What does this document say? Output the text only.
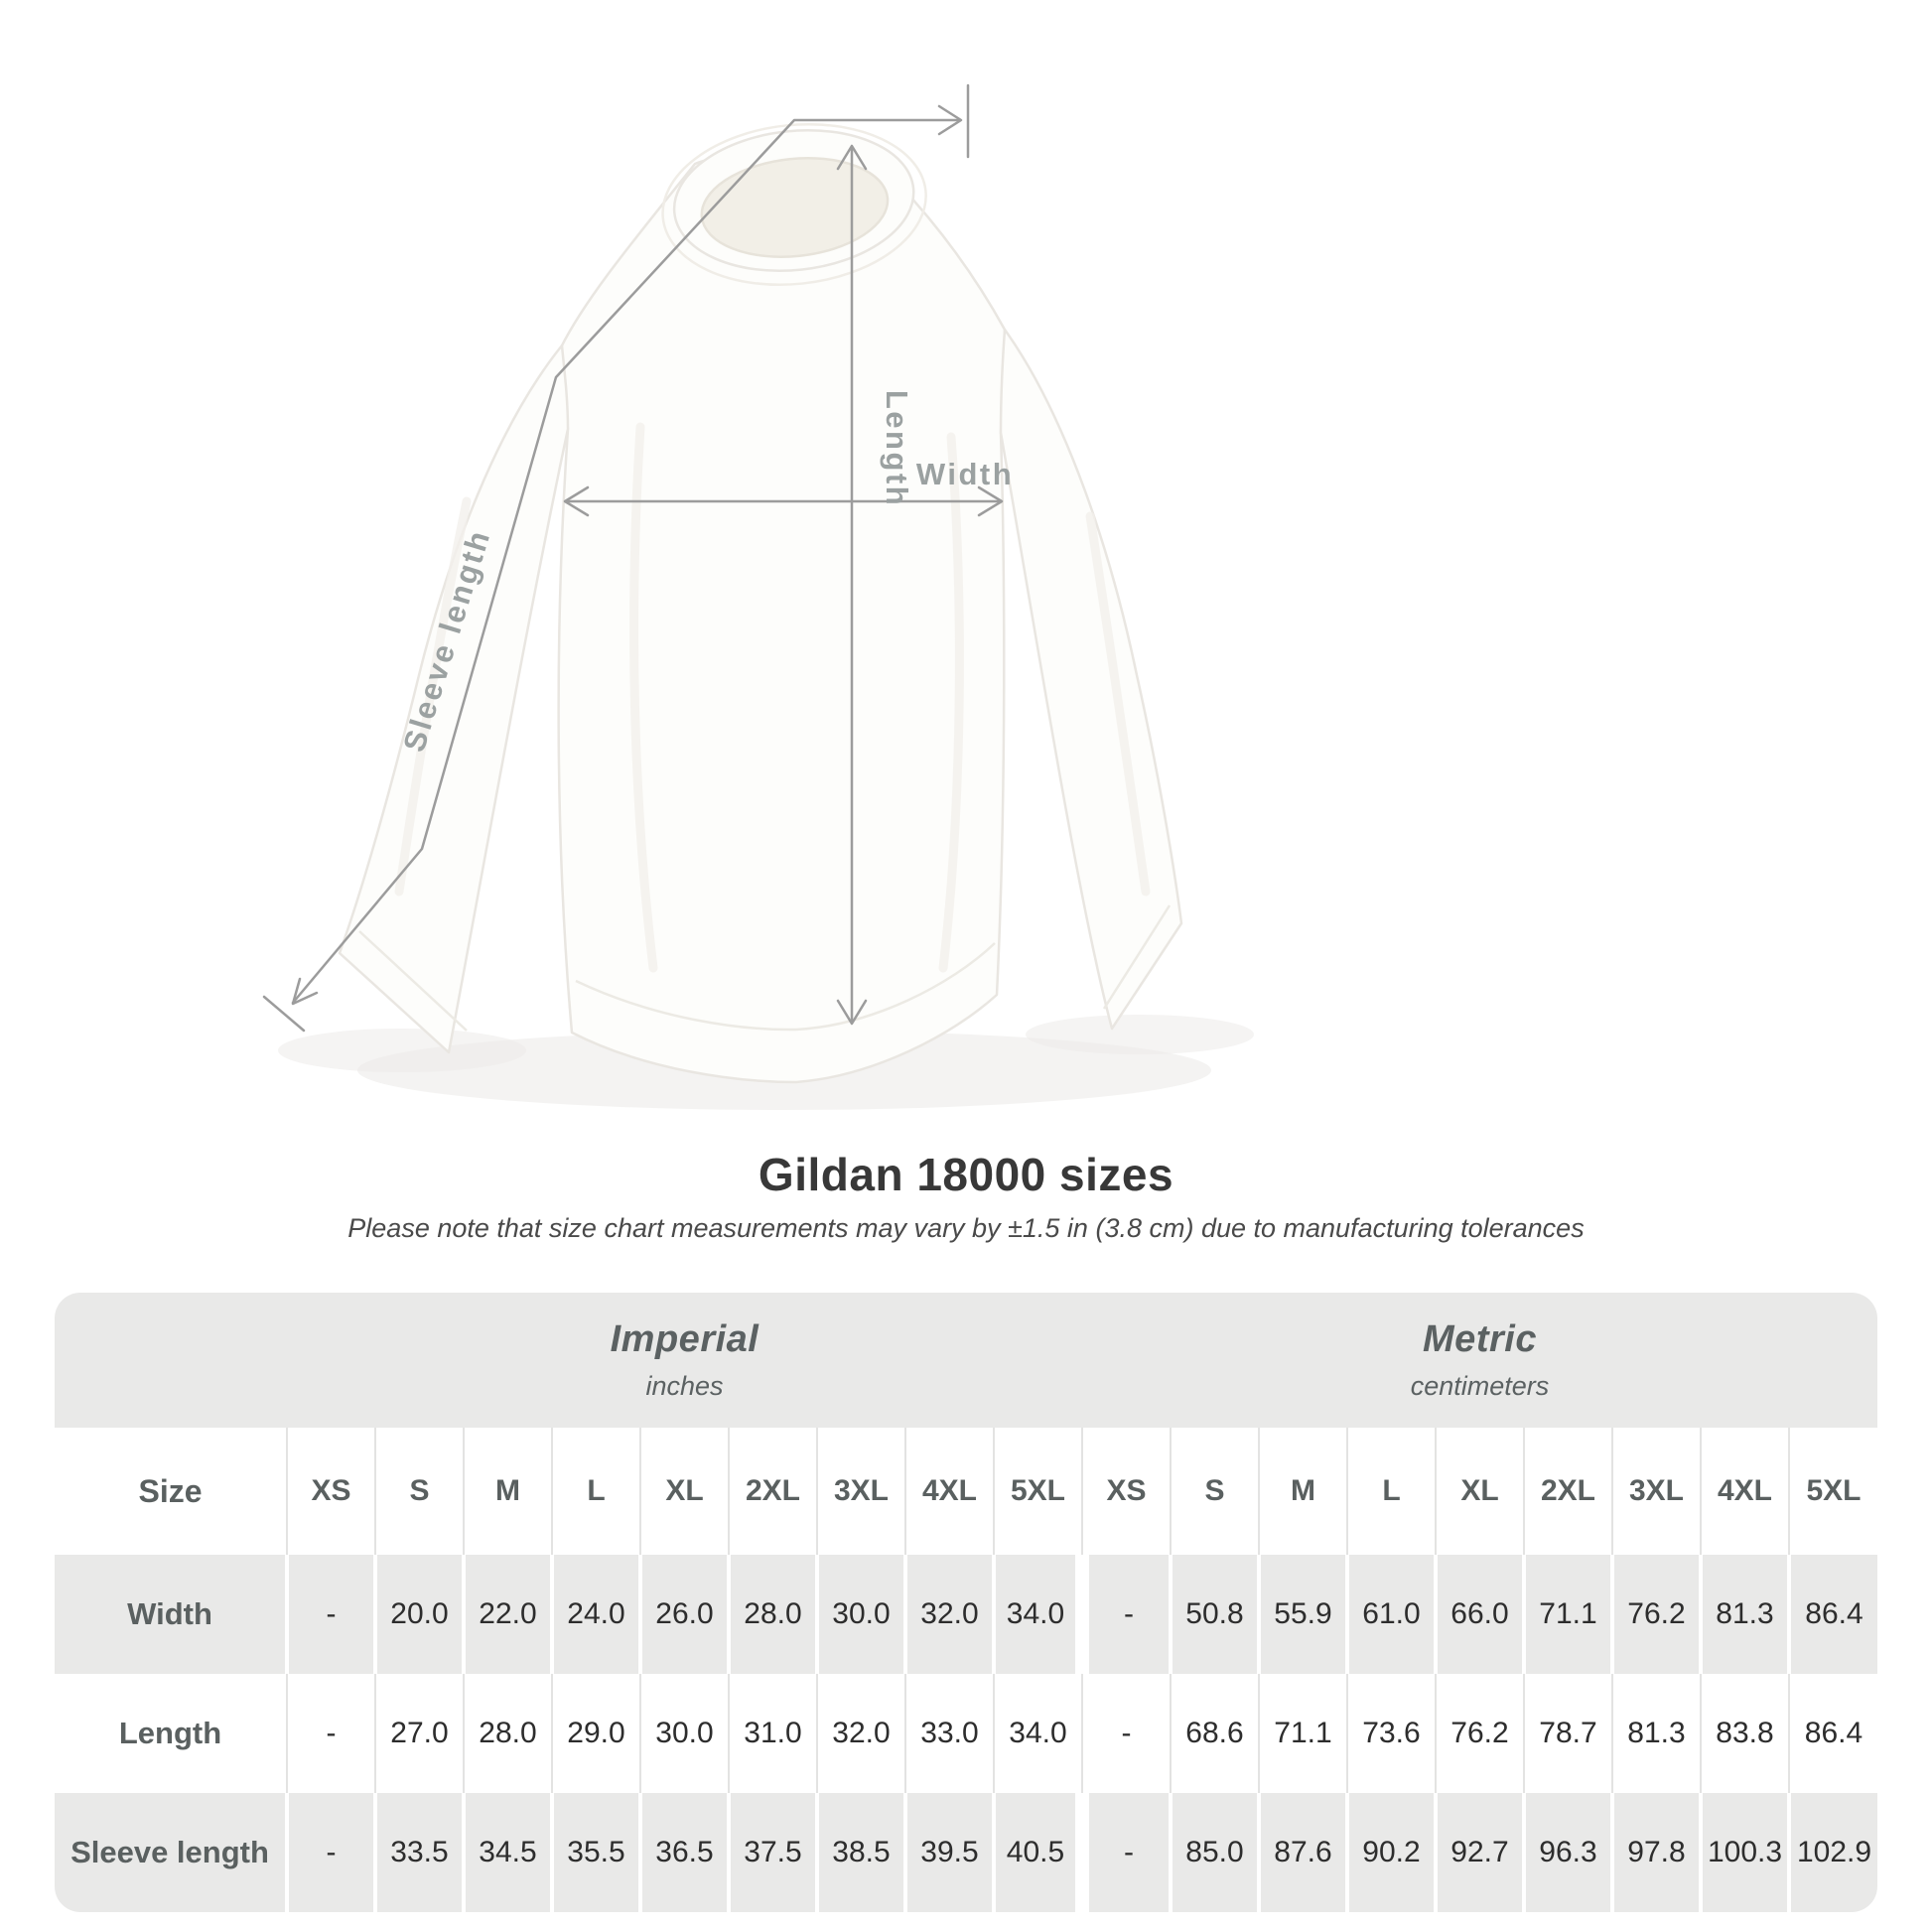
Length Width
Sleeve length
Gildan 18000 sizes
Please note that size chart measurements may vary by ±1.5 in (3.8 cm) due to manufacturing tolerances

	Imperial
inches									Metric
centimeters								

Size	XS	S	M	L	XL	2XL	3XL	4XL	5XL	XS	S	M	L	XL	2XL	3XL	4XL	5XL
Width	-	20.0	22.0	24.0	26.0	28.0	30.0	32.0	34.0	-	50.8	55.9	61.0	66.0	71.1	76.2	81.3	86.4
Length	-	27.0	28.0	29.0	30.0	31.0	32.0	33.0	34.0	-	68.6	71.1	73.6	76.2	78.7	81.3	83.8	86.4
Sleeve length	-	33.5	34.5	35.5	36.5	37.5	38.5	39.5	40.5	-	85.0	87.6	90.2	92.7	96.3	97.8	100.3	102.9
